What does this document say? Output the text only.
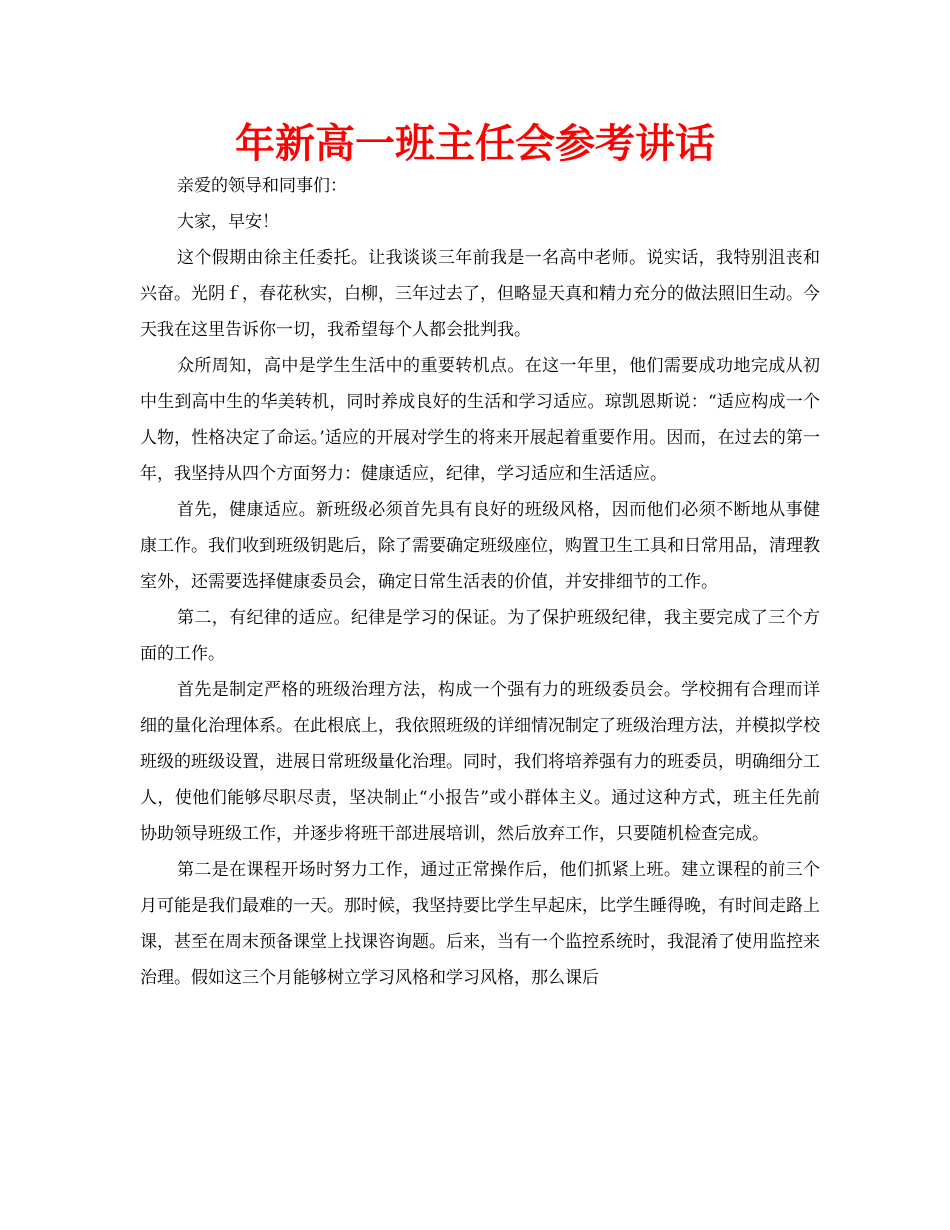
年新高一班主任会参考讲话

亲爱的领导和同事们：

大家，早安！

这个假期由徐主任委托。让我谈谈三年前我是一名高中老师。说实话，我特别沮丧和兴奋。光阴ｆ，春花秋实，白柳，三年过去了，但略显天真和精力充分的做法照旧生动。今天我在这里告诉你一切，我希望每个人都会批判我。

众所周知，高中是学生生活中的重要转机点。在这一年里，他们需要成功地完成从初中生到高中生的华美转机，同时养成良好的生活和学习适应。琼凯恩斯说：“适应构成一个人物，性格决定了命运。’适应的开展对学生的将来开展起着重要作用。因而，在过去的第一年，我坚持从四个方面努力：健康适应，纪律，学习适应和生活适应。

首先，健康适应。新班级必须首先具有良好的班级风格，因而他们必须不断地从事健康工作。我们收到班级钥匙后，除了需要确定班级座位，购置卫生工具和日常用品，清理教室外，还需要选择健康委员会，确定日常生活表的价值，并安排细节的工作。

第二，有纪律的适应。纪律是学习的保证。为了保护班级纪律，我主要完成了三个方面的工作。

首先是制定严格的班级治理方法，构成一个强有力的班级委员会。学校拥有合理而详细的量化治理体系。在此根底上，我依照班级的详细情况制定了班级治理方法，并模拟学校班级的班级设置，进展日常班级量化治理。同时，我们将培养强有力的班委员，明确细分工人，使他们能够尽职尽责，坚决制止“小报告”或小群体主义。通过这种方式，班主任先前协助领导班级工作，并逐步将班干部进展培训，然后放弃工作，只要随机检查完成。

第二是在课程开场时努力工作，通过正常操作后，他们抓紧上班。建立课程的前三个月可能是我们最难的一天。那时候，我坚持要比学生早起床，比学生睡得晚，有时间走路上课，甚至在周末预备课堂上找课咨询题。后来，当有一个监控系统时，我混淆了使用监控来治理。假如这三个月能够树立学习风格和学习风格，那么课后
